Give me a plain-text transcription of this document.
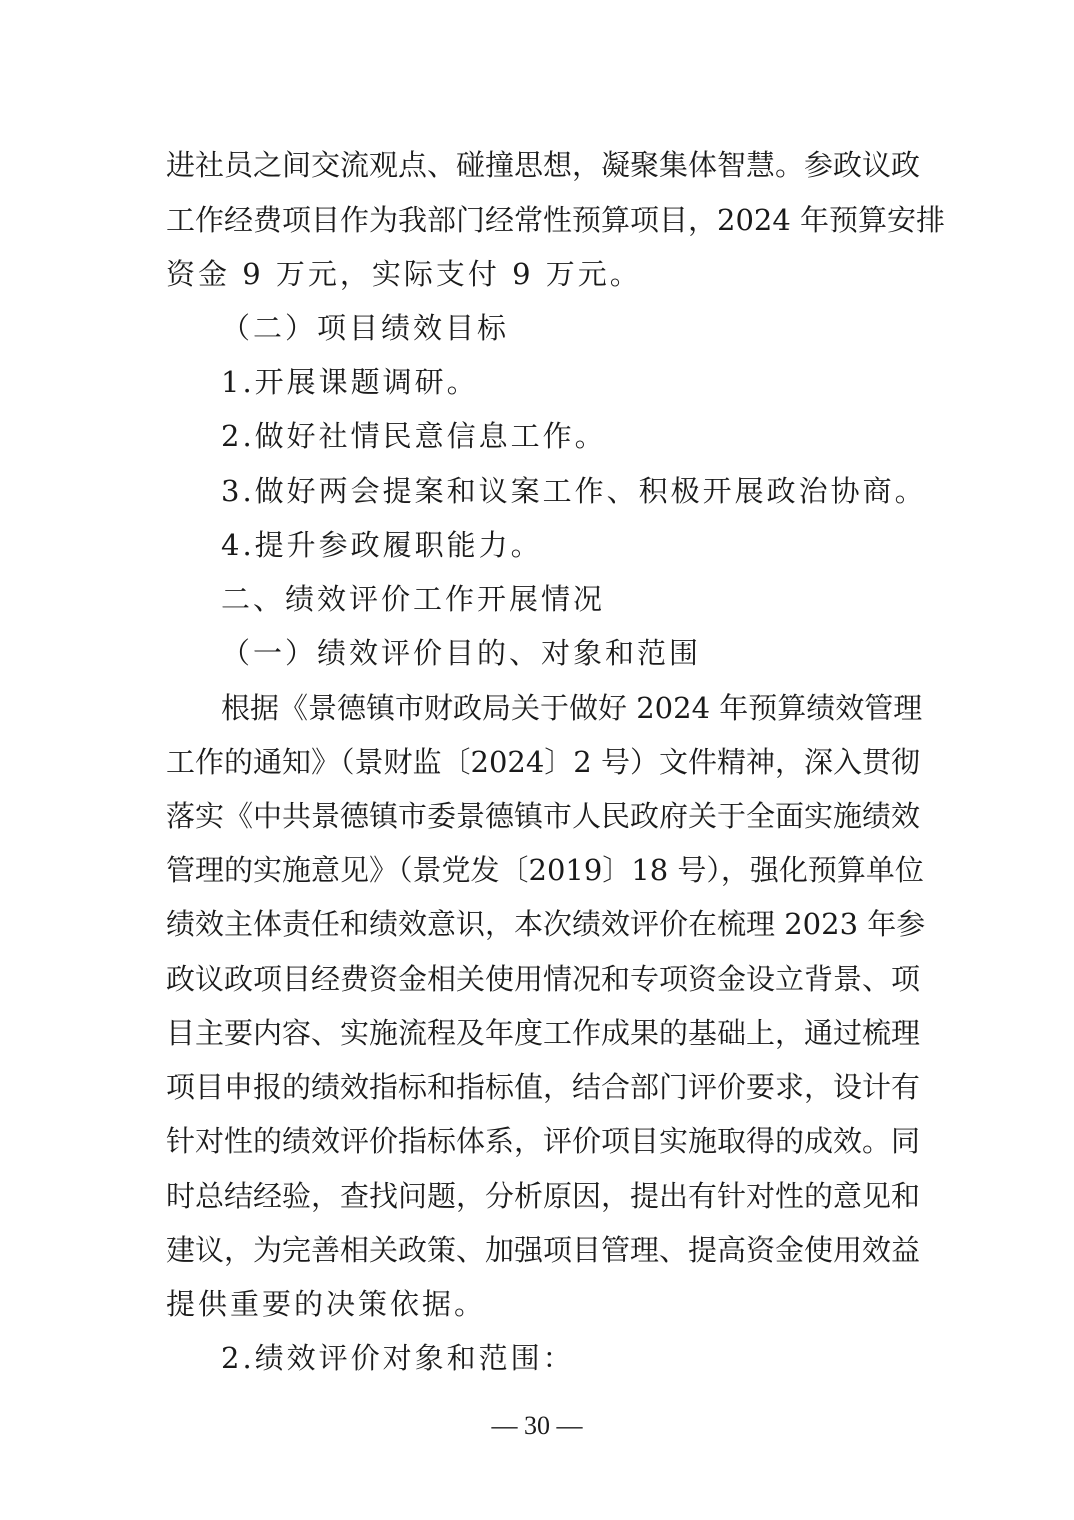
进社员之间交流观点、碰撞思想，凝聚集体智慧。参政议政
工作经费项目作为我部门经常性预算项目，2024 年预算安排
资金 9 万元，实际支付 9 万元。
（二）项目绩效目标
1.开展课题调研。
2.做好社情民意信息工作。
3.做好两会提案和议案工作、积极开展政治协商。
4.提升参政履职能力。
二、绩效评价工作开展情况
（一）绩效评价目的、对象和范围
根据《景德镇市财政局关于做好 2024 年预算绩效管理
工作的通知》（景财监〔2024〕2 号）文件精神，深入贯彻
落实《中共景德镇市委景德镇市人民政府关于全面实施绩效
管理的实施意见》（景党发〔2019〕18 号），强化预算单位
绩效主体责任和绩效意识，本次绩效评价在梳理 2023 年参
政议政项目经费资金相关使用情况和专项资金设立背景、项
目主要内容、实施流程及年度工作成果的基础上，通过梳理
项目申报的绩效指标和指标值，结合部门评价要求，设计有
针对性的绩效评价指标体系，评价项目实施取得的成效。同
时总结经验，查找问题，分析原因，提出有针对性的意见和
建议，为完善相关政策、加强项目管理、提高资金使用效益
提供重要的决策依据。
2.绩效评价对象和范围：
— 30 —
